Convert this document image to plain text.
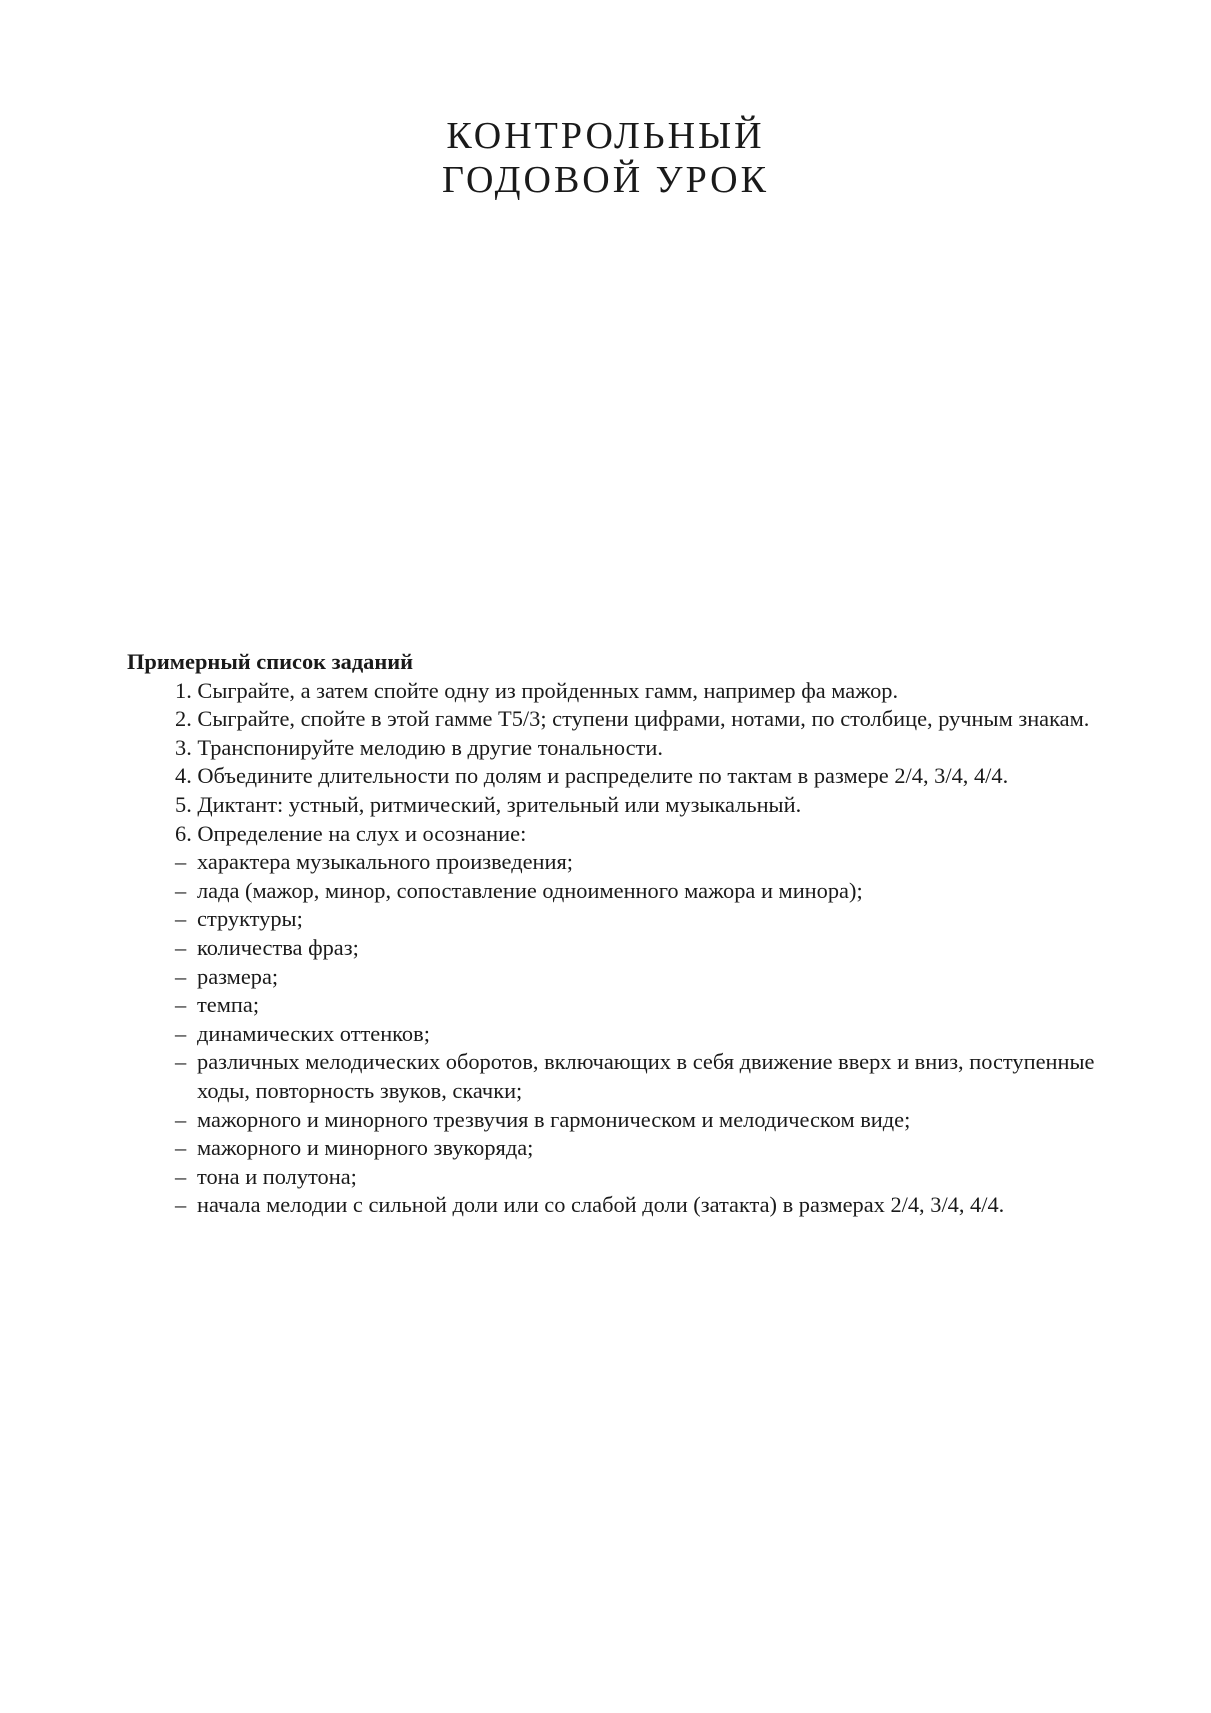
КОНТРОЛЬНЫЙ
ГОДОВОЙ УРОК
Примерный список заданий
1. Сыграйте, а затем спойте одну из пройденных гамм, например фа мажор.
2. Сыграйте, спойте в этой гамме Т5/3; ступени цифрами, нотами, по столбице, ручным знакам.
3. Транспонируйте мелодию в другие тональности.
4. Объедините длительности по долям и распределите по тактам в размере 2/4, 3/4, 4/4.
5. Диктант: устный, ритмический, зрительный или музыкальный.
6. Определение на слух и осознание:
– характера музыкального произведения;
– лада (мажор, минор, сопоставление одноименного мажора и минора);
– структуры;
– количества фраз;
– размера;
– темпа;
– динамических оттенков;
– различных мелодических оборотов, включающих в себя движение вверх и вниз, поступенные ходы, повторность звуков, скачки;
– мажорного и минорного трезвучия в гармоническом и мелодическом виде;
– мажорного и минорного звукоряда;
– тона и полутона;
– начала мелодии с сильной доли или со слабой доли (затакта) в размерах 2/4, 3/4, 4/4.
